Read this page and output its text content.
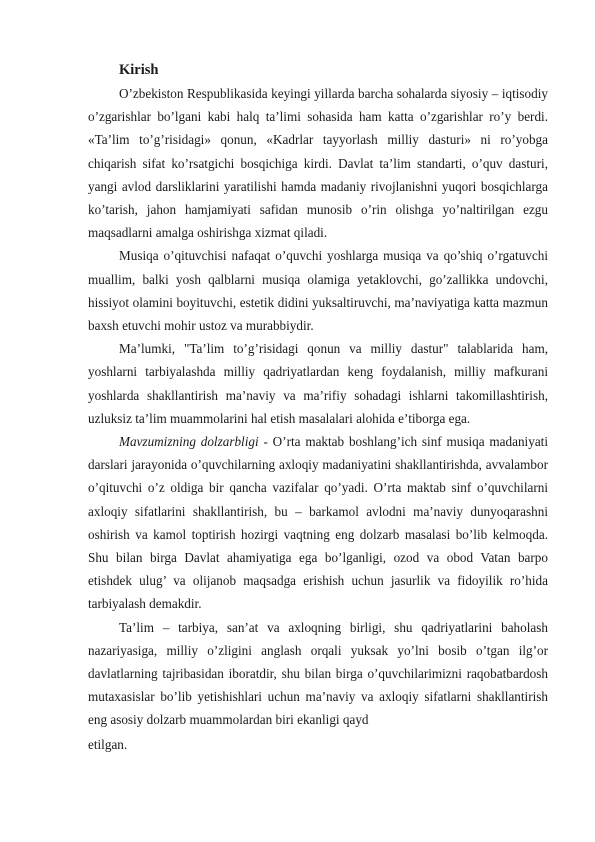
Kirish

O’zbekiston Respublikasida keyingi yillarda barcha sohalarda siyosiy – iqtisodiy o’zgarishlar bo’lgani kabi halq ta’limi sohasida ham katta o’zgarishlar ro’y berdi. «Ta’lim to’g’risidagi» qonun, «Kadrlar tayyorlash milliy dasturi» ni ro’yobga chiqarish sifat ko’rsatgichi bosqichiga kirdi. Davlat ta’lim standarti, o’quv dasturi, yangi avlod darsliklarini yaratilishi hamda madaniy rivojlanishni yuqori bosqichlarga ko’tarish, jahon hamjamiyati safidan munosib o’rin olishga yo’naltirilgan ezgu maqsadlarni amalga oshirishga xizmat qiladi.

Musiqa o’qituvchisi nafaqat o’quvchi yoshlarga musiqa va qo’shiq o’rgatuvchi muallim, balki yosh qalblarni musiqa olamiga yetaklovchi, go’zallikka undovchi, hissiyot olamini boyituvchi, estetik didini yuksaltiruvchi, ma’naviyatiga katta mazmun baxsh etuvchi mohir ustoz va murabbiydir.

Ma’lumki, "Ta’lim to’g’risidagi qonun va milliy dastur" talablarida ham, yoshlarni tarbiyalashda milliy qadriyatlardan keng foydalanish, milliy mafkurani yoshlarda shakllantirish ma’naviy va ma’rifiy sohadagi ishlarni takomillashtirish, uzluksiz ta’lim muammolarini hal etish masalalari alohida e’tiborga ega.

Mavzumizning dolzarbligi - O’rta maktab boshlang’ich sinf musiqa madaniyati darslari jarayonida o’quvchilarning axloqiy madaniyatini shakllantirishda, avvalambor o’qituvchi o’z oldiga bir qancha vazifalar qo’yadi. O’rta maktab sinf o’quvchilarni axloqiy sifatlarini shakllantirish, bu – barkamol avlodni ma’naviy dunyoqarashni oshirish va kamol toptirish hozirgi vaqtning eng dolzarb masalasi bo’lib kelmoqda. Shu bilan birga Davlat ahamiyatiga ega bo’lganligi, ozod va obod Vatan barpo etishdek ulug’ va olijanob maqsadga erishish uchun jasurlik va fidoyilik ro’hida tarbiyalash demakdir.

Ta’lim – tarbiya, san’at va axloqning birligi, shu qadriyatlarini baholash nazariyasiga, milliy o’zligini anglash orqali yuksak yo’lni bosib o’tgan ilg’or davlatlarning tajribasidan iboratdir, shu bilan birga o’quvchilarimizni raqobatbardosh mutaxasislar bo’lib yetishishlari uchun ma’naviy va axloqiy sifatlarni shakllantirish eng asosiy dolzarb muammolardan biri ekanligi qayd

etilgan.
